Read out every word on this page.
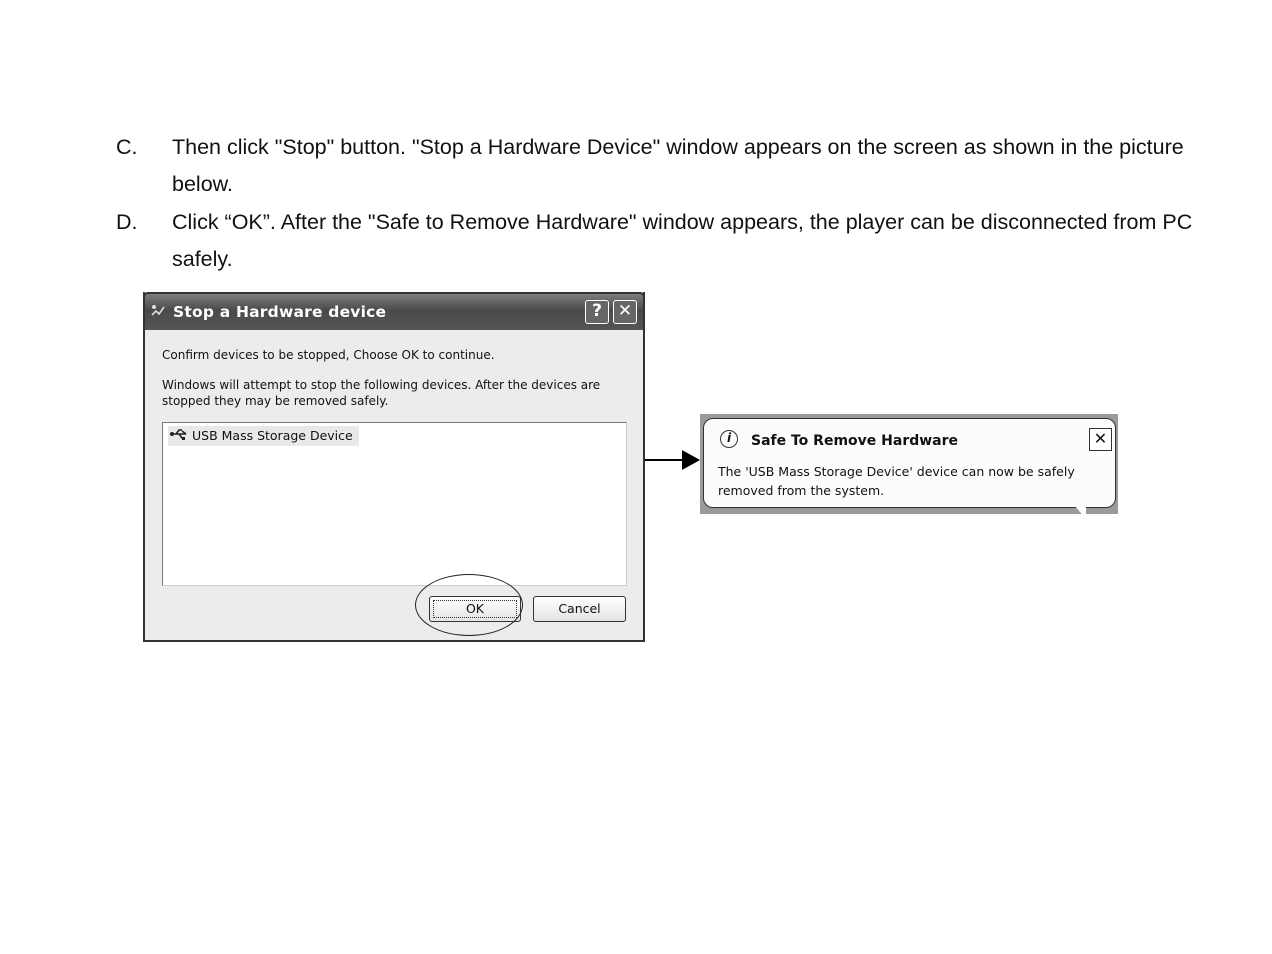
C. Then click "Stop" button. "Stop a Hardware Device" window appears on the screen as shown in the picture below.
D. Click “OK”. After the "Safe to Remove Hardware" window appears, the player can be disconnected from PC safely.
Stop a Hardware device	? ✕
Confirm devices to be stopped, Choose OK to continue.
Windows will attempt to stop the following devices. After the devices are stopped they may be removed safely.
USB Mass Storage Device
OK	Cancel
i	Safe To Remove Hardware	✕
The 'USB Mass Storage Device' device can now be safely removed from the system.
